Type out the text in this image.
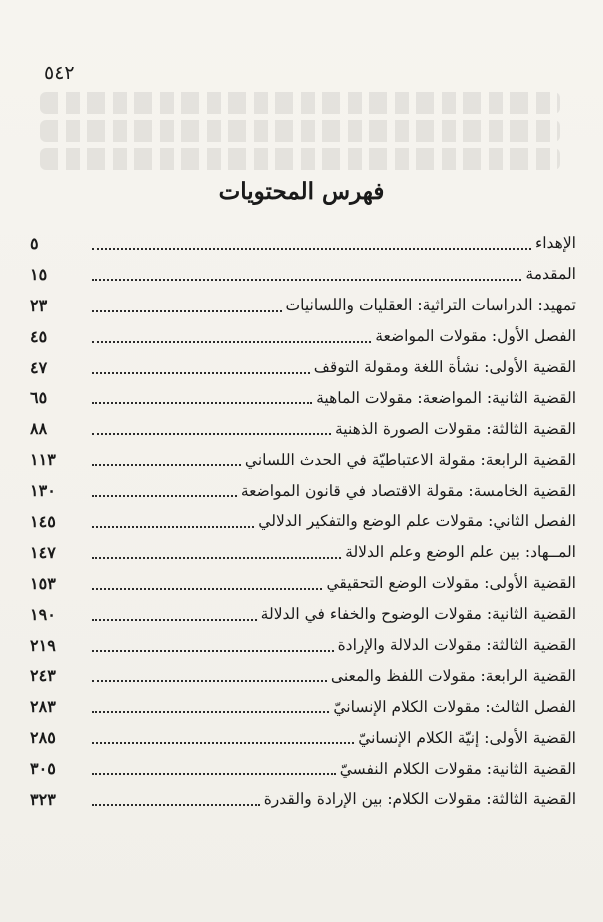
٥٤٢
فهرس المحتويات
الإهداء
٥
المقدمة
١٥
تمهيد: الدراسات التراثية: العقليات واللسانيات
٢٣
الفصل الأول: مقولات المواضعة
٤٥
القضية الأولى: نشأة اللغة ومقولة التوقف
٤٧
القضية الثانية: المواضعة: مقولات الماهية
٦٥
القضية الثالثة: مقولات الصورة الذهنية
٨٨
القضية الرابعة: مقولة الاعتباطيّة في الحدث اللساني
١١٣
القضية الخامسة: مقولة الاقتصاد في قانون المواضعة
١٣٠
الفصل الثاني: مقولات علم الوضع والتفكير الدلالي
١٤٥
المــهاد: بين علم الوضع وعلم الدلالة
١٤٧
القضية الأولى: مقولات الوضع التحقيقي
١٥٣
القضية الثانية: مقولات الوضوح والخفاء في الدلالة
١٩٠
القضية الثالثة: مقولات الدلالة والإرادة
٢١٩
القضية الرابعة: مقولات اللفظ والمعنى
٢٤٣
الفصل الثالث: مقولات الكلام الإنسانيّ
٢٨٣
القضية الأولى: إنيّة الكلام الإنسانيّ
٢٨٥
القضية الثانية: مقولات الكلام النفسيّ
٣٠٥
القضية الثالثة: مقولات الكلام: بين الإرادة والقدرة
٣٢٣
